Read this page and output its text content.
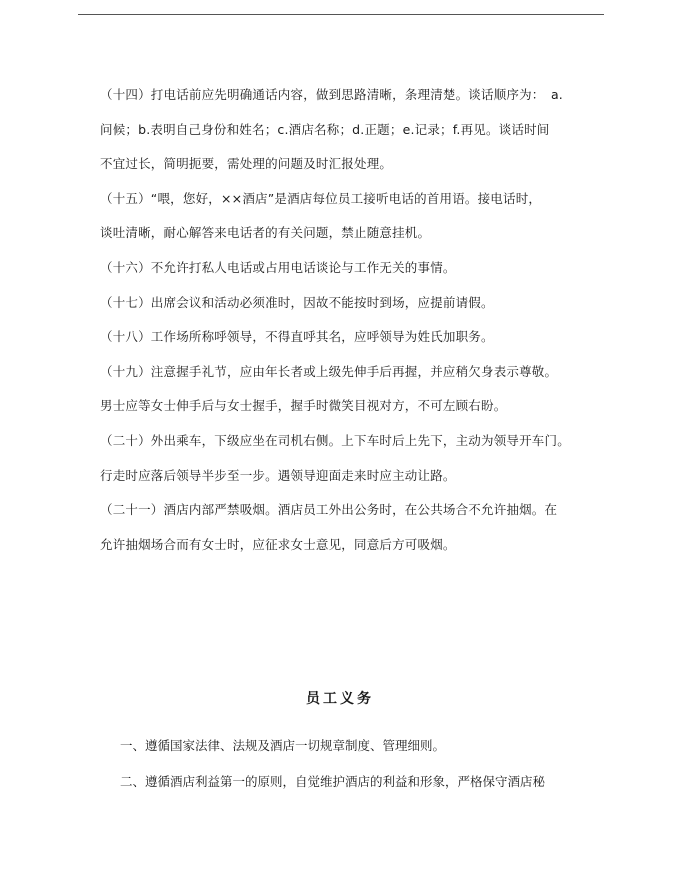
（十四）打电话前应先明确通话内容，做到思路清晰，条理清楚。谈话顺序为：　a.
问候；b.表明自己身份和姓名；c.酒店名称；d.正题；e.记录；f.再见。谈话时间
不宜过长，简明扼要，需处理的问题及时汇报处理。
（十五）“喂，您好，××酒店”是酒店每位员工接听电话的首用语。接电话时，
谈吐清晰，耐心解答来电话者的有关问题，禁止随意挂机。
（十六）不允许打私人电话或占用电话谈论与工作无关的事情。
（十七）出席会议和活动必须准时，因故不能按时到场，应提前请假。
（十八）工作场所称呼领导，不得直呼其名，应呼领导为姓氏加职务。
（十九）注意握手礼节，应由年长者或上级先伸手后再握，并应稍欠身表示尊敬。
男士应等女士伸手后与女士握手，握手时微笑目视对方，不可左顾右盼。
（二十）外出乘车，下级应坐在司机右侧。上下车时后上先下，主动为领导开车门。
行走时应落后领导半步至一步。遇领导迎面走来时应主动让路。
（二十一）酒店内部严禁吸烟。酒店员工外出公务时，在公共场合不允许抽烟。在
允许抽烟场合而有女士时，应征求女士意见，同意后方可吸烟。
员工义务
一、遵循国家法律、法规及酒店一切规章制度、管理细则。
二、遵循酒店利益第一的原则，自觉维护酒店的利益和形象，严格保守酒店秘
